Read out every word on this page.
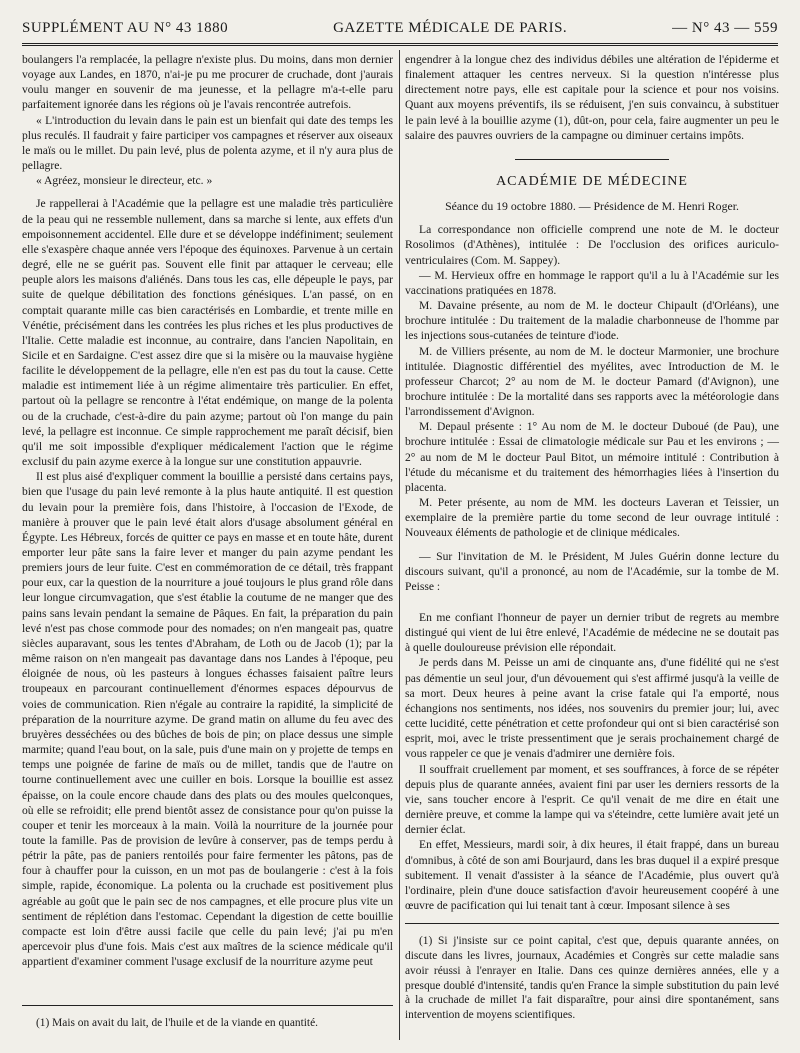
SUPPLÉMENT AU N° 43 1880	GAZETTE MÉDICALE DE PARIS.	— N° 43 — 559

boulangers l'a remplacée, la pellagre n'existe plus. Du moins, dans mon dernier voyage aux Landes, en 1870, n'ai-je pu me procurer de cruchade, dont j'aurais voulu manger en souvenir de ma jeunesse, et la pellagre m'a-t-elle paru parfaitement ignorée dans les régions où je l'avais rencontrée autrefois.

« L'introduction du levain dans le pain est un bienfait qui date des temps les plus reculés. Il faudrait y faire participer vos campagnes et réserver aux oiseaux le maïs ou le millet. Du pain levé, plus de polenta azyme, et il n'y aura plus de pellagre.

« Agréez, monsieur le directeur, etc. »

Je rappellerai à l'Académie que la pellagre est une maladie très particulière de la peau qui ne ressemble nullement, dans sa marche si lente, aux effets d'un empoisonnement accidentel. Elle dure et se développe indéfiniment; seulement elle s'exaspère chaque année vers l'époque des équinoxes. Parvenue à un certain degré, elle ne se guérit pas. Souvent elle finit par attaquer le cerveau; elle peuple alors les maisons d'aliénés. Dans tous les cas, elle dépeuple le pays, par suite de quelque débilitation des fonctions génésiques. L'an passé, on en comptait quarante mille cas bien caractérisés en Lombardie, et trente mille en Vénétie, précisément dans les contrées les plus riches et les plus productives de l'Italie. Cette maladie est inconnue, au contraire, dans l'ancien Napolitain, en Sicile et en Sardaigne. C'est assez dire que si la misère ou la mauvaise hygiène facilite le développement de la pellagre, elle n'en est pas du tout la cause. Cette maladie est intimement liée à un régime alimentaire très particulier. En effet, partout où la pellagre se rencontre à l'état endémique, on mange de la polenta ou de la cruchade, c'est-à-dire du pain azyme; partout où l'on mange du pain levé, la pellagre est inconnue. Ce simple rapprochement me paraît décisif, bien qu'il me soit impossible d'expliquer médicalement l'action que le régime exclusif du pain azyme exerce à la longue sur une constitution appauvrie.

Il est plus aisé d'expliquer comment la bouillie a persisté dans certains pays, bien que l'usage du pain levé remonte à la plus haute antiquité. Il est question du levain pour la première fois, dans l'histoire, à l'occasion de l'Exode, de manière à prouver que le pain levé était alors d'usage absolument général en Égypte. Les Hébreux, forcés de quitter ce pays en masse et en toute hâte, durent emporter leur pâte sans la faire lever et manger du pain azyme pendant les premiers jours de leur fuite. C'est en commémoration de ce détail, très frappant pour eux, car la question de la nourriture a joué toujours le plus grand rôle dans leur longue circumvagation, que s'est établie la coutume de ne manger que des pains sans levain pendant la semaine de Pâques. En fait, la préparation du pain levé n'est pas chose commode pour des nomades; on n'en mangeait pas, quatre siècles auparavant, sous les tentes d'Abraham, de Loth ou de Jacob (1); par la même raison on n'en mangeait pas davantage dans nos Landes à l'époque, peu éloignée de nous, où les pasteurs à longues échasses faisaient paître leurs troupeaux en parcourant continuellement d'énormes espaces dépourvus de voies de communication. Rien n'égale au contraire la rapidité, la simplicité de préparation de la nourriture azyme. De grand matin on allume du feu avec des bruyères desséchées ou des bûches de bois de pin; on place dessus une simple marmite; quand l'eau bout, on la sale, puis d'une main on y projette de temps en temps une poignée de farine de maïs ou de millet, tandis que de l'autre on tourne continuellement avec une cuiller en bois. Lorsque la bouillie est assez épaisse, on la coule encore chaude dans des plats ou des moules quelconques, où elle se refroidit; elle prend bientôt assez de consistance pour qu'on puisse la couper et tenir les morceaux à la main. Voilà la nourriture de la journée pour toute la famille. Pas de provision de levûre à conserver, pas de temps perdu à pétrir la pâte, pas de paniers rentoilés pour faire fermenter les pâtons, pas de four à chauffer pour la cuisson, en un mot pas de boulangerie : c'est à la fois simple, rapide, économique. La polenta ou la cruchade est positivement plus agréable au goût que le pain sec de nos campagnes, et elle procure plus vite un sentiment de réplétion dans l'estomac. Cependant la digestion de cette bouillie compacte est loin d'être aussi facile que celle du pain levé; j'ai pu m'en apercevoir plus d'une fois. Mais c'est aux maîtres de la science médicale qu'il appartient d'examiner comment l'usage exclusif de la nourriture azyme peut

(1) Mais on avait du lait, de l'huile et de la viande en quantité.

engendrer à la longue chez des individus débiles une altération de l'épiderme et finalement attaquer les centres nerveux. Si la question n'intéresse plus directement notre pays, elle est capitale pour la science et pour nos voisins. Quant aux moyens préventifs, ils se réduisent, j'en suis convaincu, à substituer le pain levé à la bouillie azyme (1), dût-on, pour cela, faire augmenter un peu le salaire des pauvres ouvriers de la campagne ou diminuer certains impôts.

ACADÉMIE DE MÉDECINE
Séance du 19 octobre 1880. — Présidence de M. Henri Roger.

La correspondance non officielle comprend une note de M. le docteur Rosolimos (d'Athènes), intitulée : De l'occlusion des orifices auriculo-ventriculaires (Com. M. Sappey).

— M. Hervieux offre en hommage le rapport qu'il a lu à l'Académie sur les vaccinations pratiquées en 1878.

M. Davaine présente, au nom de M. le docteur Chipault (d'Orléans), une brochure intitulée : Du traitement de la maladie charbonneuse de l'homme par les injections sous-cutanées de teinture d'iode.

M. de Villiers présente, au nom de M. le docteur Marmonier, une brochure intitulée. Diagnostic différentiel des myélites, avec Introduction de M. le professeur Charcot; 2° au nom de M. le docteur Pamard (d'Avignon), une brochure intitulée : De la mortalité dans ses rapports avec la météorologie dans l'arrondissement d'Avignon.

M. Depaul présente : 1° Au nom de M. le docteur Duboué (de Pau), une brochure intitulée : Essai de climatologie médicale sur Pau et les environs ; — 2° au nom de M le docteur Paul Bitot, un mémoire intitulé : Contribution à l'étude du mécanisme et du traitement des hémorrhagies liées à l'insertion du placenta.

M. Peter présente, au nom de MM. les docteurs Laveran et Teissier, un exemplaire de la première partie du tome second de leur ouvrage intitulé : Nouveaux éléments de pathologie et de clinique médicales.

— Sur l'invitation de M. le Président, M Jules Guérin donne lecture du discours suivant, qu'il a prononcé, au nom de l'Académie, sur la tombe de M. Peisse :

En me confiant l'honneur de payer un dernier tribut de regrets au membre distingué qui vient de lui être enlevé, l'Académie de médecine ne se doutait pas à quelle douloureuse prévision elle répondait.

Je perds dans M. Peisse un ami de cinquante ans, d'une fidélité qui ne s'est pas démentie un seul jour, d'un dévouement qui s'est affirmé jusqu'à la veille de sa mort. Deux heures à peine avant la crise fatale qui l'a emporté, nous échangions nos sentiments, nos idées, nos souvenirs du premier jour; lui, avec cette lucidité, cette pénétration et cette profondeur qui ont si bien caractérisé son esprit, moi, avec le triste pressentiment que je serais prochainement chargé de vous rappeler ce que je venais d'admirer une dernière fois.

Il souffrait cruellement par moment, et ses souffrances, à force de se répéter depuis plus de quarante années, avaient fini par user les derniers ressorts de la vie, sans toucher encore à l'esprit. Ce qu'il venait de me dire en était une dernière preuve, et comme la lampe qui va s'éteindre, cette lumière avait jeté un dernier éclat.

En effet, Messieurs, mardi soir, à dix heures, il était frappé, dans un bureau d'omnibus, à côté de son ami Bourjaurd, dans les bras duquel il a expiré presque subitement. Il venait d'assister à la séance de l'Académie, plus ouvert qu'à l'ordinaire, plein d'une douce satisfaction d'avoir heureusement coopéré à une œuvre de pacification qui lui tenait tant à cœur. Imposant silence à ses

(1) Si j'insiste sur ce point capital, c'est que, depuis quarante années, on discute dans les livres, journaux, Académies et Congrès sur cette maladie sans avoir réussi à l'enrayer en Italie. Dans ces quinze dernières années, elle y a presque doublé d'intensité, tandis qu'en France la simple substitution du pain levé à la cruchade de millet l'a fait disparaître, pour ainsi dire spontanément, sans intervention de moyens scientifiques.
